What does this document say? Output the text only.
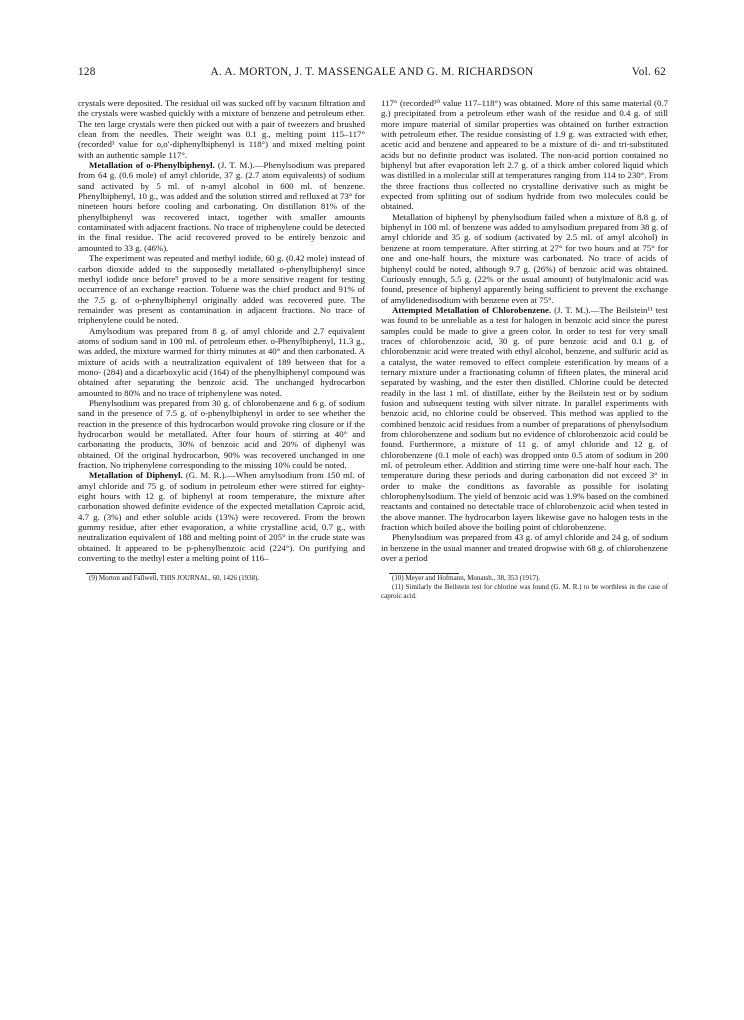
128	A. A. MORTON, J. T. MASSENGALE AND G. M. RICHARDSON	Vol. 62

crystals were deposited. The residual oil was sucked off by vacuum filtration and the crystals were washed quickly with a mixture of benzene and petroleum ether. The ten large crystals were then picked out with a pair of tweezers and brushed clean from the needles. Their weight was 0.1 g., melting point 115–117° (recorded¹ value for o,o′-diphenylbiphenyl is 118°) and mixed melting point with an authentic sample 117°.

Metallation of o-Phenylbiphenyl. (J. T. M.).—Phenylsodium was prepared from 64 g. (0.6 mole) of amyl chloride, 37 g. (2.7 atom equivalents) of sodium sand activated by 5 ml. of n-amyl alcohol in 600 ml. of benzene. Phenylbiphenyl, 10 g., was added and the solution stirred and refluxed at 73° for nineteen hours before cooling and carbonating. On distillation 81% of the phenylbiphenyl was recovered intact, together with smaller amounts contaminated with adjacent fractions. No trace of triphenylene could be detected in the final residue. The acid recovered proved to be entirely benzoic and amounted to 33 g. (46%).

The experiment was repeated and methyl iodide, 60 g. (0.42 mole) instead of carbon dioxide added to the supposedly metallated o-phenylbiphenyl since methyl iodide once before⁹ proved to be a more sensitive reagent for testing occurrence of an exchange reaction. Toluene was the chief product and 91% of the 7.5 g. of o-phenylbiphenyl originally added was recovered pure. The remainder was present as contamination in adjacent fractions. No trace of triphenylene could be noted.

Amylsodium was prepared from 8 g. of amyl chloride and 2.7 equivalent atoms of sodium sand in 100 ml. of petroleum ether. o-Phenylbiphenyl, 11.3 g., was added, the mixture warmed for thirty minutes at 40° and then carbonated. A mixture of acids with a neutralization equivalent of 189 between that for a mono- (284) and a dicarboxylic acid (164) of the phenylbiphenyl compound was obtained after separating the benzoic acid. The unchanged hydrocarbon amounted to 80% and no trace of triphenylene was noted.

Phenylsodium was prepared from 30 g. of chlorobenzene and 6 g. of sodium sand in the presence of 7.5 g. of o-phenylbiphenyl in order to see whether the reaction in the presence of this hydrocarbon would provoke ring closure or if the hydrocarbon would be metallated. After four hours of stirring at 40° and carbonating the products, 30% of benzoic acid and 20% of diphenyl was obtained. Of the original hydrocarbon, 90% was recovered unchanged in one fraction. No triphenylene corresponding to the missing 10% could be noted.

Metallation of Diphenyl. (G. M. R.).—When amylsodium from 150 ml. of amyl chloride and 75 g. of sodium in petroleum ether were stirred for eighty-eight hours with 12 g. of biphenyl at room temperature, the mixture after carbonation showed definite evidence of the expected metallation Caproic acid, 4.7 g. (3%) and ether soluble acids (13%) were recovered. From the brown gummy residue, after ether evaporation, a white crystalline acid, 0.7 g., with neutralization equivalent of 188 and melting point of 205° in the crude state was obtained. It appeared to be p-phenylbenzoic acid (224°). On purifying and converting to the methyl ester a melting point of 116–

(9) Morton and Fallwell, THIS JOURNAL, 60, 1426 (1938).

117° (recorded¹⁰ value 117–118°) was obtained. More of this same material (0.7 g.) precipitated from a petroleum ether wash of the residue and 0.4 g. of still more impure material of similar properties was obtained on further extraction with petroleum ether. The residue consisting of 1.9 g. was extracted with ether, acetic acid and benzene and appeared to be a mixture of di- and tri-substituted acids but no definite product was isolated. The non-acid portion contained no biphenyl but after evaporation left 2.7 g. of a thick amber colored liquid which was distilled in a molecular still at temperatures ranging from 114 to 230°. From the three fractions thus collected no crystalline derivative such as might be expected from splitting out of sodium hydride from two molecules could be obtained.

Metallation of biphenyl by phenylsodium failed when a mixture of 8.8 g. of biphenyl in 100 ml. of benzene was added to amylsodium prepared from 38 g. of amyl chloride and 35 g. of sodium (activated by 2.5 ml. of amyl alcohol) in benzene at room temperature. After stirring at 27° for two hours and at 75° for one and one-half hours, the mixture was carbonated. No trace of acids of biphenyl could be noted, although 9.7 g. (26%) of benzoic acid was obtained. Curiously enough, 5.5 g. (22% or the usual amount) of butylmalonic acid was found, presence of biphenyl apparently being sufficient to prevent the exchange of amylidenedisodium with benzene even at 75°.

Attempted Metallation of Chlorobenzene. (J. T. M.).—The Beilstein¹¹ test was found to be unreliable as a test for halogen in benzoic acid since the purest samples could be made to give a green color. In order to test for very small traces of chlorobenzoic acid, 30 g. of pure benzoic acid and 0.1 g. of chlorobenzoic acid were treated with ethyl alcohol, benzene, and sulfuric acid as a catalyst, the water removed to effect complete esterification by means of a ternary mixture under a fractionating column of fifteen plates, the mineral acid separated by washing, and the ester then distilled. Chlorine could be detected readily in the last 1 ml. of distillate, either by the Beilstein test or by sodium fusion and subsequent testing with silver nitrate. In parallel experiments with benzoic acid, no chlorine could be observed. This method was applied to the combined benzoic acid residues from a number of preparations of phenylsodium from chlorobenzene and sodium but no evidence of chlorobenzoic acid could be found. Furthermore, a mixture of 11 g. of amyl chloride and 12 g. of chlorobenzene (0.1 mole of each) was dropped onto 0.5 atom of sodium in 200 ml. of petroleum ether. Addition and stirring time were one-half hour each. The temperature during these periods and during carbonation did not exceed 3° in order to make the conditions as favorable as possible for isolating chlorophenylsodium. The yield of benzoic acid was 1.9% based on the combined reactants and contained no detectable trace of chlorobenzoic acid when tested in the above manner. The hydrocarbon layers likewise gave no halogen tests in the fraction which boiled above the boiling point of chlorobenzene.

Phenylsodium was prepared from 43 g. of amyl chloride and 24 g. of sodium in benzene in the usual manner and treated dropwise with 68 g. of chlorobenzene over a period

(10) Meyer and Hofmann, Monatsh., 38, 353 (1917).

(11) Similarly the Beilstein test for chlorine was found (G. M. R.) to be worthless in the case of caproic acid.
